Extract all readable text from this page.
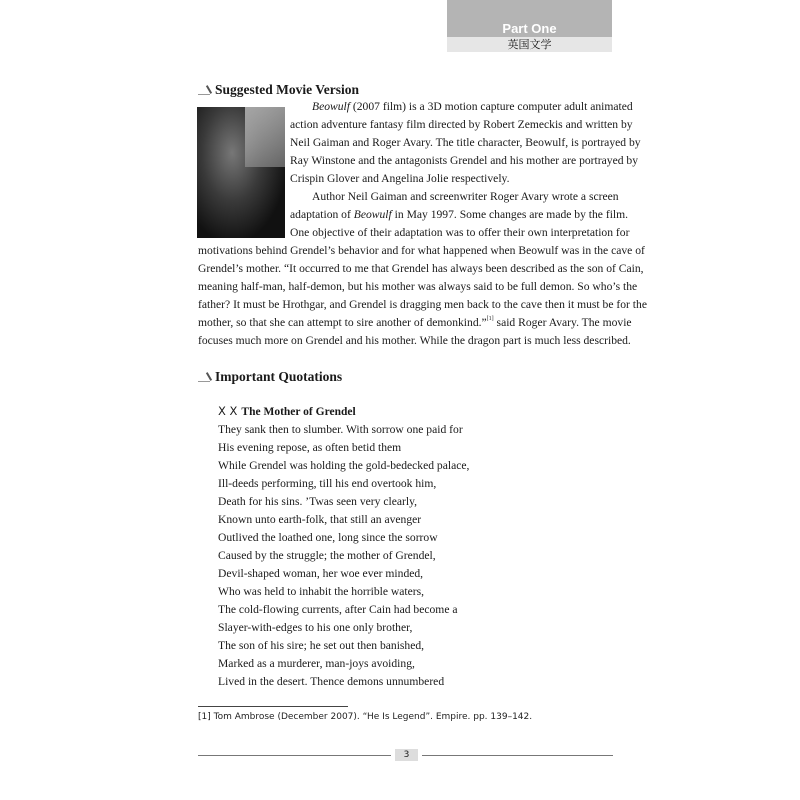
Part One
英国文学
Suggested Movie Version
Beowulf (2007 film) is a 3D motion capture computer adult animated
action adventure fantasy film directed by Robert Zemeckis and written by
Neil Gaiman and Roger Avary. The title character, Beowulf, is portrayed by
Ray Winstone and the antagonists Grendel and his mother are portrayed by
Crispin Glover and Angelina Jolie respectively.
Author Neil Gaiman and screenwriter Roger Avary wrote a screen
adaptation of Beowulf in May 1997. Some changes are made by the film.
One objective of their adaptation was to offer their own interpretation for
motivations behind Grendel’s behavior and for what happened when Beowulf was in the cave of
Grendel’s mother. “It occurred to me that Grendel has always been described as the son of Cain,
meaning half-man, half-demon, but his mother was always said to be full demon. So who’s the
father? It must be Hrothgar, and Grendel is dragging men back to the cave then it must be for the
mother, so that she can attempt to sire another of demonkind.”[1] said Roger Avary. The movie
focuses much more on Grendel and his mother. While the dragon part is much less described.
Important Quotations
X X The Mother of Grendel
They sank then to slumber. With sorrow one paid for
His evening repose, as often betid them
While Grendel was holding the gold-bedecked palace,
Ill-deeds performing, till his end overtook him,
Death for his sins. ’Twas seen very clearly,
Known unto earth-folk, that still an avenger
Outlived the loathed one, long since the sorrow
Caused by the struggle; the mother of Grendel,
Devil-shaped woman, her woe ever minded,
Who was held to inhabit the horrible waters,
The cold-flowing currents, after Cain had become a
Slayer-with-edges to his one only brother,
The son of his sire; he set out then banished,
Marked as a murderer, man-joys avoiding,
Lived in the desert. Thence demons unnumbered
[1] Tom Ambrose (December 2007). “He Is Legend”. Empire. pp. 139–142.
3
